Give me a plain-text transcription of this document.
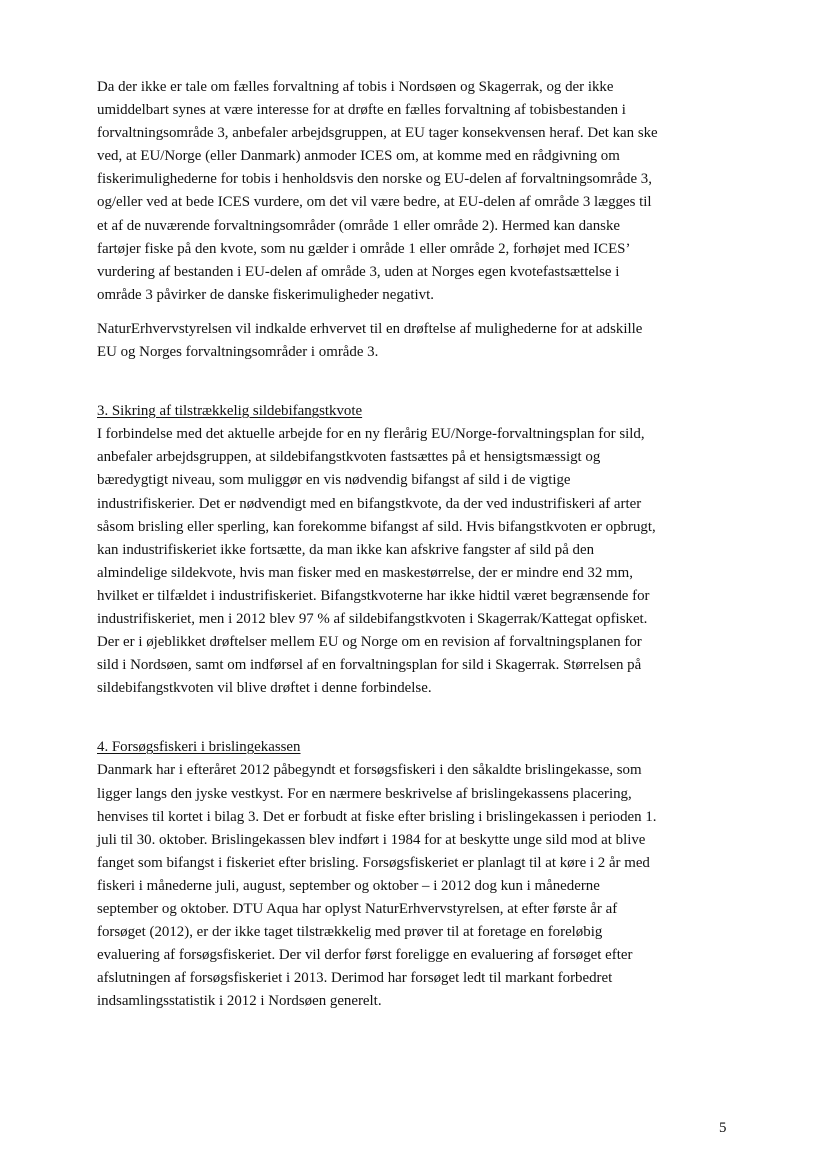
Da der ikke er tale om fælles forvaltning af tobis i Nordsøen og Skagerrak, og der ikke
umiddelbart synes at være interesse for at drøfte en fælles forvaltning af tobisbestanden i
forvaltningsområde 3, anbefaler arbejdsgruppen, at EU tager konsekvensen heraf. Det kan ske
ved, at EU/Norge (eller Danmark) anmoder ICES om, at komme med en rådgivning om
fiskerimulighederne for tobis i henholdsvis den norske og EU-delen af forvaltningsområde 3,
og/eller ved at bede ICES vurdere, om det vil være bedre, at EU-delen af område 3 lægges til
et af de nuværende forvaltningsområder (område 1 eller område 2). Hermed kan danske
fartøjer fiske på den kvote, som nu gælder i område 1 eller område 2, forhøjet med ICES’
vurdering af bestanden i EU-delen af område 3, uden at Norges egen kvotefastsættelse i
område 3 påvirker de danske fiskerimuligheder negativt.

NaturErhvervstyrelsen vil indkalde erhvervet til en drøftelse af mulighederne for at adskille
EU og Norges forvaltningsområder i område 3.

3. Sikring af tilstrækkelig sildebifangstkvote

I forbindelse med det aktuelle arbejde for en ny flerårig EU/Norge-forvaltningsplan for sild,
anbefaler arbejdsgruppen, at sildebifangstkvoten fastsættes på et hensigtsmæssigt og
bæredygtigt niveau, som muliggør en vis nødvendig bifangst af sild i de vigtige
industrifiskerier. Det er nødvendigt med en bifangstkvote, da der ved industrifiskeri af arter
såsom brisling eller sperling, kan forekomme bifangst af sild. Hvis bifangstkvoten er opbrugt,
kan industrifiskeriet ikke fortsætte, da man ikke kan afskrive fangster af sild på den
almindelige sildekvote, hvis man fisker med en maskestørrelse, der er mindre end 32 mm,
hvilket er tilfældet i industrifiskeriet. Bifangstkvoterne har ikke hidtil været begrænsende for
industrifiskeriet, men i 2012 blev 97 % af sildebifangstkvoten i Skagerrak/Kattegat opfisket.
Der er i øjeblikket drøftelser mellem EU og Norge om en revision af forvaltningsplanen for
sild i Nordsøen, samt om indførsel af en forvaltningsplan for sild i Skagerrak. Størrelsen på
sildebifangstkvoten vil blive drøftet i denne forbindelse.

4. Forsøgsfiskeri i brislingekassen

Danmark har i efteråret 2012 påbegyndt et forsøgsfiskeri i den såkaldte brislingekasse, som
ligger langs den jyske vestkyst. For en nærmere beskrivelse af brislingekassens placering,
henvises til kortet i bilag 3. Det er forbudt at fiske efter brisling i brislingekassen i perioden 1.
juli til 30. oktober. Brislingekassen blev indført i 1984 for at beskytte unge sild mod at blive
fanget som bifangst i fiskeriet efter brisling. Forsøgsfiskeriet er planlagt til at køre i 2 år med
fiskeri i månederne juli, august, september og oktober – i 2012 dog kun i månederne
september og oktober. DTU Aqua har oplyst NaturErhvervstyrelsen, at efter første år af
forsøget (2012), er der ikke taget tilstrækkelig med prøver til at foretage en foreløbig
evaluering af forsøgsfiskeriet. Der vil derfor først foreligge en evaluering af forsøget efter
afslutningen af forsøgsfiskeriet i 2013. Derimod har forsøget ledt til markant forbedret
indsamlingsstatistik i 2012 i Nordsøen generelt.

5
